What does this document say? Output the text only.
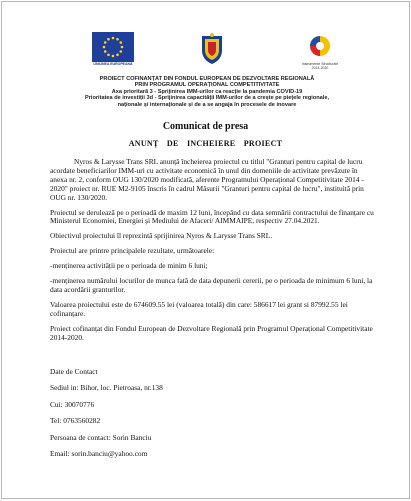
UNIUNEA EUROPEANĂ	Instrumente Structurale 2014-2020
PROIECT COFINANȚAT DIN FONDUL EUROPEAN DE DEZVOLTARE REGIONALĂ
PRIN PROGRAMUL OPERAȚIONAL COMPETITIVITATE
Axa prioritară 3 - Sprijinirea IMM-urilor ca reacție la pandemia COVID-19
Prioritatea de investiții 3d - Sprijinirea capacității IMM-urilor de a crește pe piețele regionale,
naționale și internaționale și de a se angaja în procesele de inovare
Comunicat de presa
ANUNȚ DE INCHEIERE PROIECT

Nyros & Larysse Trans SRL anunță încheierea proiectul cu titlul "Granturi pentru capital de lucru acordate beneficiarilor IMM-uri cu activitate economică în unul din domeniile de activitate prevăzute în anexa nr. 2, conform OUG 130/2020 modificată, aferente Programului Operațional Competitivitate 2014 - 2020" proiect nr. RUE M2-9105 înscris în cadrul Măsurii "Granturi pentru capital de lucru", instituită prin OUG nr. 130/2020.

Proiectul se derulează pe o perioadă de maxim 12 luni, începând cu data semnării contractului de finanțare cu Ministerul Economiei, Energiei și Mediului de Afaceri/ AIMMAIPE, respectiv 27.04.2021.

Obiectivul proiectului îl reprezintă sprijinirea Nyros & Larysse Trans SRL.

Proiectul are printre principalele rezultate, următoarele:

-menținerea activității pe o perioada de minim 6 luni;

-menținerea numărului locurilor de munca fată de data depunerii cererii, pe o perioada de minimum 6 luni, la data acordării granturilor.

Valoarea proiectului este de 674609.55 lei (valoarea totală) din care: 586617 lei grant si 87992.55 lei cofinanțare.

Proiect cofinanțat din Fondul European de Dezvoltare Regională prin Programul Operațional Competitivitate 2014-2020.

Date de Contact

Sediul in: Bihor, loc. Pietroasa, nr.138

Cui: 30070776

Tel: 0763560282

Persoana de contact: Sorin Banciu

Email: sorin.banciu@yahoo.com
